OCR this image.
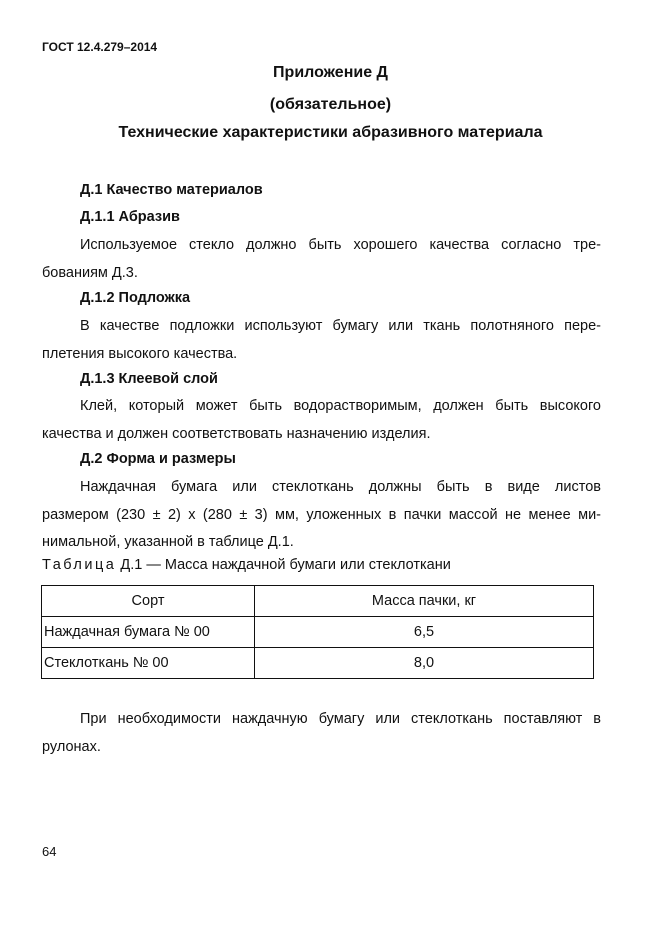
ГОСТ 12.4.279–2014
Приложение Д
(обязательное)
Технические характеристики абразивного материала
Д.1 Качество материалов
Д.1.1 Абразив
Используемое стекло должно быть хорошего качества согласно тре-
бованиям Д.3.
Д.1.2 Подложка
В качестве подложки используют бумагу или ткань полотняного пере-
плетения высокого качества.
Д.1.3 Клеевой слой
Клей, который может быть водорастворимым, должен быть высокого
качества и должен соответствовать назначению изделия.
Д.2 Форма и размеры
Наждачная бумага или стеклоткань должны быть в виде листов
размером (230 ± 2) х (280 ± 3) мм, уложенных в пачки массой не менее ми-
нимальной, указанной в таблице Д.1.
Таблица Д.1 — Масса наждачной бумаги или стеклоткани
Сорт	Масса пачки, кг
Наждачная бумага № 00	6,5
Стеклоткань № 00	8,0
При необходимости наждачную бумагу или стеклоткань поставляют в
рулонах.
64
